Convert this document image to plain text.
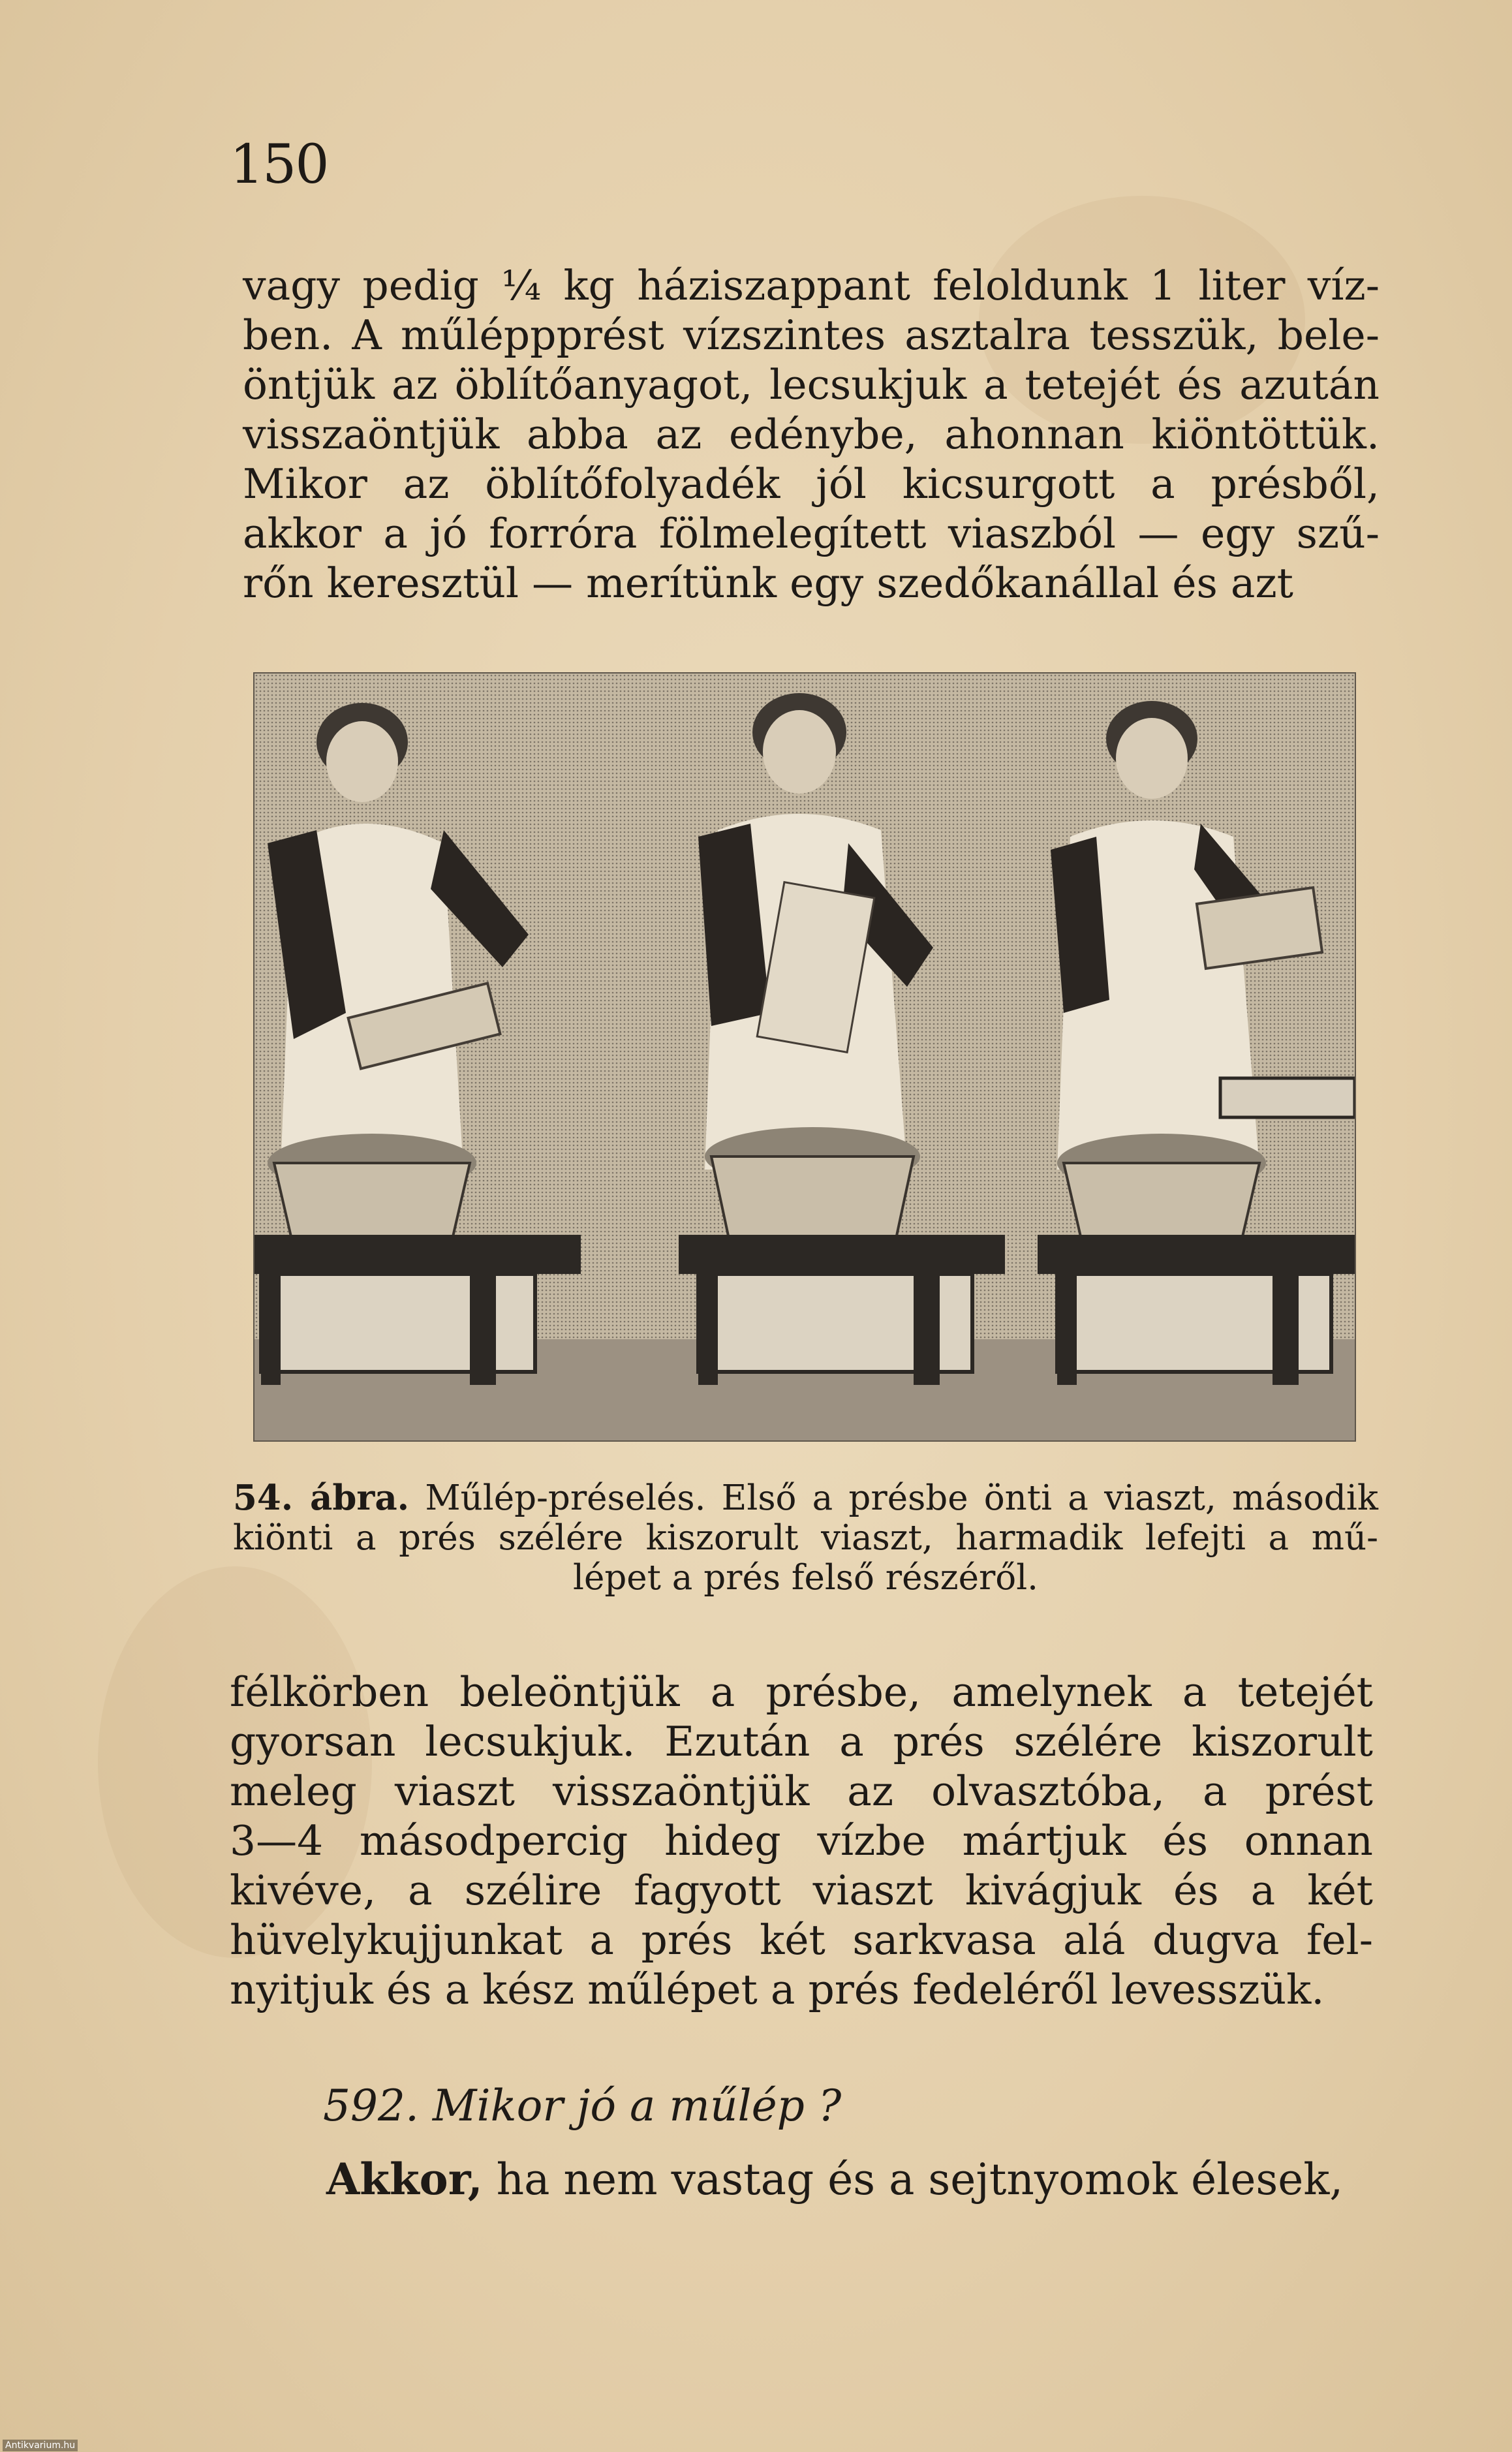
150
vagy pedig ¼ kg háziszappant feloldunk 1 liter víz-
ben. A műléppprést vízszintes asztalra tesszük, bele-
öntjük az öblítőanyagot, lecsukjuk a tetejét és azután
visszaöntjük abba az edénybe, ahonnan kiöntöttük.
Mikor az öblítőfolyadék jól kicsurgott a présből,
akkor a jó forróra fölmelegített viaszból — egy szű-
rőn keresztül — merítünk egy szedőkanállal és azt
54. ábra. Műlép-préselés. Első a présbe önti a viaszt, második
kiönti a prés szélére kiszorult viaszt, harmadik lefejti a mű-
lépet a prés felső részéről.
félkörben beleöntjük a présbe, amelynek a tetejét
gyorsan lecsukjuk. Ezután a prés szélére kiszorult
meleg viaszt visszaöntjük az olvasztóba, a prést
3—4 másodpercig hideg vízbe mártjuk és onnan
kivéve, a szélire fagyott viaszt kivágjuk és a két
hüvelykujjunkat a prés két sarkvasa alá dugva fel-
nyitjuk és a kész műlépet a prés fedeléről levesszük.

592. Mikor jó a műlép ?

Akkor, ha nem vastag és a sejtnyomok élesek,

Antikvarium.hu
